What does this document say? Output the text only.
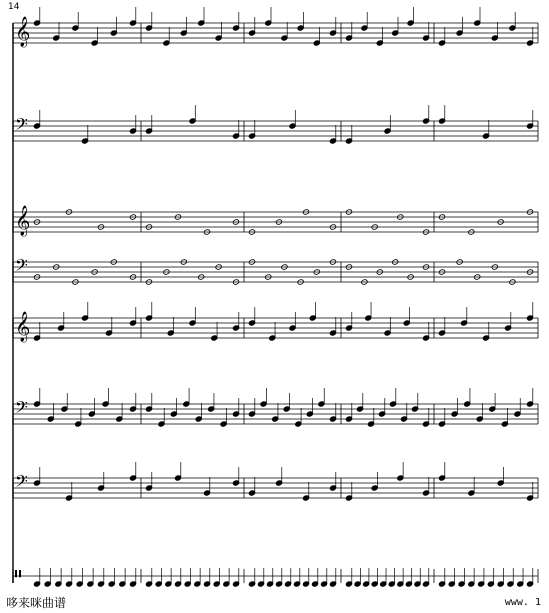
14
𝄞
𝄢
𝄞
𝄢
𝄞
𝄢
𝄢
𝄥
哆来咪曲谱	www. 1
